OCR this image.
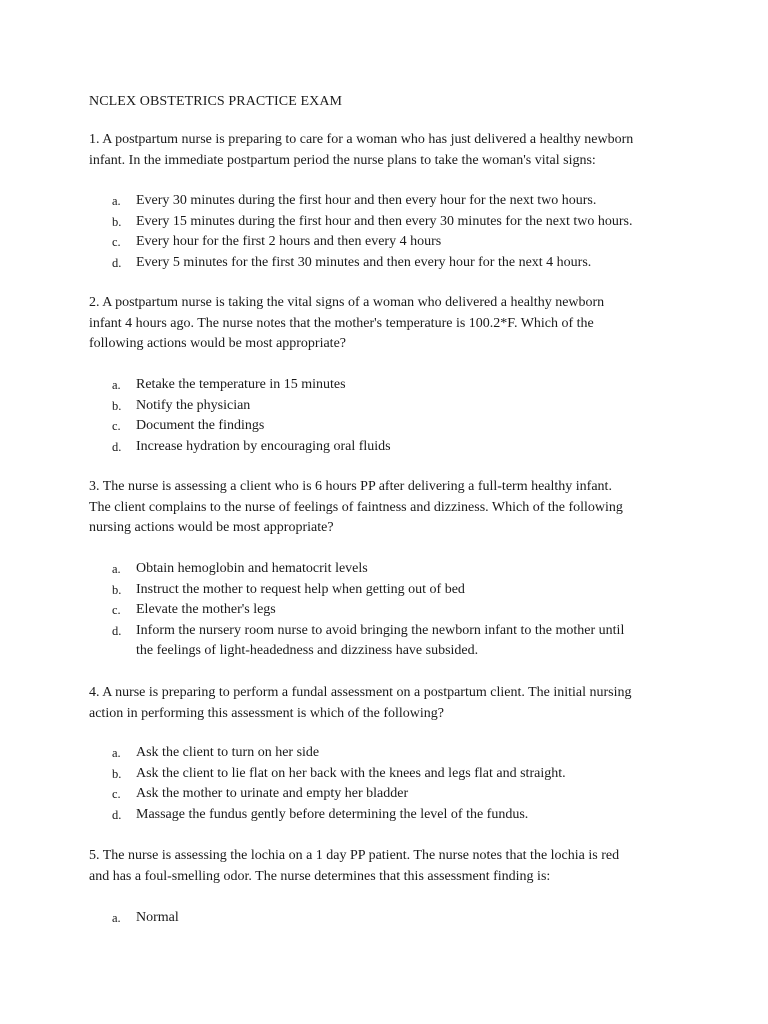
NCLEX OBSTETRICS PRACTICE EXAM
1. A postpartum nurse is preparing to care for a woman who has just delivered a healthy newborn
infant. In the immediate postpartum period the nurse plans to take the woman's vital signs:
a. Every 30 minutes during the first hour and then every hour for the next two hours.
b. Every 15 minutes during the first hour and then every 30 minutes for the next two hours.
c. Every hour for the first 2 hours and then every 4 hours
d. Every 5 minutes for the first 30 minutes and then every hour for the next 4 hours.
2. A postpartum nurse is taking the vital signs of a woman who delivered a healthy newborn
infant 4 hours ago. The nurse notes that the mother's temperature is 100.2*F. Which of the
following actions would be most appropriate?
a. Retake the temperature in 15 minutes
b. Notify the physician
c. Document the findings
d. Increase hydration by encouraging oral fluids
3. The nurse is assessing a client who is 6 hours PP after delivering a full-term healthy infant.
The client complains to the nurse of feelings of faintness and dizziness. Which of the following
nursing actions would be most appropriate?
a. Obtain hemoglobin and hematocrit levels
b. Instruct the mother to request help when getting out of bed
c. Elevate the mother's legs
d. Inform the nursery room nurse to avoid bringing the newborn infant to the mother until
the feelings of light-headedness and dizziness have subsided.
4. A nurse is preparing to perform a fundal assessment on a postpartum client. The initial nursing
action in performing this assessment is which of the following?
a. Ask the client to turn on her side
b. Ask the client to lie flat on her back with the knees and legs flat and straight.
c. Ask the mother to urinate and empty her bladder
d. Massage the fundus gently before determining the level of the fundus.
5. The nurse is assessing the lochia on a 1 day PP patient. The nurse notes that the lochia is red
and has a foul-smelling odor. The nurse determines that this assessment finding is:
a. Normal
